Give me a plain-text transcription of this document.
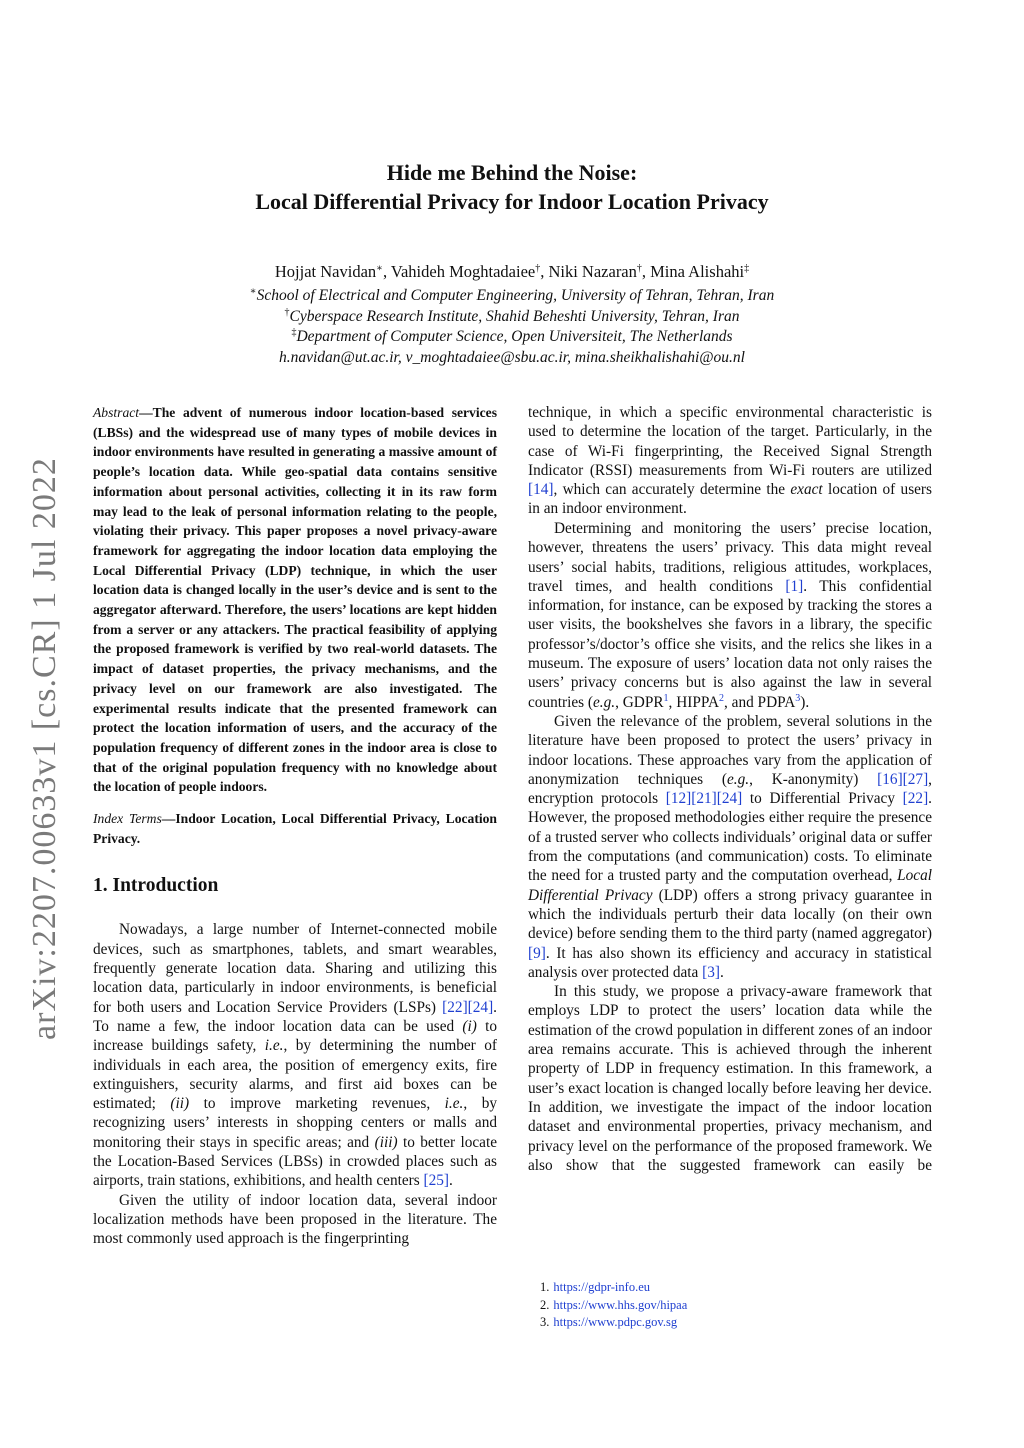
arXiv:2207.00633v1 [cs.CR] 1 Jul 2022
Hide me Behind the Noise:
Local Differential Privacy for Indoor Location Privacy
Hojjat Navidan∗, Vahideh Moghtadaiee†, Niki Nazaran†, Mina Alishahi‡
∗School of Electrical and Computer Engineering, University of Tehran, Tehran, Iran
†Cyberspace Research Institute, Shahid Beheshti University, Tehran, Iran
‡Department of Computer Science, Open Universiteit, The Netherlands
h.navidan@ut.ac.ir, v_moghtadaiee@sbu.ac.ir, mina.sheikhalishahi@ou.nl

Abstract—The advent of numerous indoor location-based services (LBSs) and the widespread use of many types of mobile devices in indoor environments have resulted in generating a massive amount of people’s location data. While geo-spatial data contains sensitive information about personal activities, collecting it in its raw form may lead to the leak of personal information relating to the people, violating their privacy. This paper proposes a novel privacy-aware framework for aggregating the indoor location data employing the Local Differential Privacy (LDP) technique, in which the user location data is changed locally in the user’s device and is sent to the aggregator afterward. Therefore, the users’ locations are kept hidden from a server or any attackers. The practical feasibility of applying the proposed framework is verified by two real-world datasets. The impact of dataset properties, the privacy mechanisms, and the privacy level on our framework are also investigated. The experimental results indicate that the presented framework can protect the location information of users, and the accuracy of the population frequency of different zones in the indoor area is close to that of the original population frequency with no knowledge about the location of people indoors.

Index Terms—Indoor Location, Local Differential Privacy, Location Privacy.

1. Introduction

Nowadays, a large number of Internet-connected mobile devices, such as smartphones, tablets, and smart wearables, frequently generate location data. Sharing and utilizing this location data, particularly in indoor environments, is beneficial for both users and Location Service Providers (LSPs) [22][24]. To name a few, the indoor location data can be used (i) to increase buildings safety, i.e., by determining the number of individuals in each area, the position of emergency exits, fire extinguishers, security alarms, and first aid boxes can be estimated; (ii) to improve marketing revenues, i.e., by recognizing users’ interests in shopping centers or malls and monitoring their stays in specific areas; and (iii) to better locate the Location-Based Services (LBSs) in crowded places such as airports, train stations, exhibitions, and health centers [25].

Given the utility of indoor location data, several indoor localization methods have been proposed in the literature. The most commonly used approach is the fingerprinting

technique, in which a specific environmental characteristic is used to determine the location of the target. Particularly, in the case of Wi-Fi fingerprinting, the Received Signal Strength Indicator (RSSI) measurements from Wi-Fi routers are utilized [14], which can accurately determine the exact location of users in an indoor environment.

Determining and monitoring the users’ precise location, however, threatens the users’ privacy. This data might reveal users’ social habits, traditions, religious attitudes, workplaces, travel times, and health conditions [1]. This confidential information, for instance, can be exposed by tracking the stores a user visits, the bookshelves she favors in a library, the specific professor’s/doctor’s office she visits, and the relics she likes in a museum. The exposure of users’ location data not only raises the users’ privacy concerns but is also against the law in several countries (e.g., GDPR$^1$, HIPPA$^2$, and PDPA$^3$).

Given the relevance of the problem, several solutions in the literature have been proposed to protect the users’ privacy in indoor locations. These approaches vary from the application of anonymization techniques (e.g., K-anonymity) [16][27], encryption protocols [12][21][24] to Differential Privacy [22]. However, the proposed methodologies either require the presence of a trusted server who collects individuals’ original data or suffer from the computations (and communication) costs. To eliminate the need for a trusted party and the computation overhead, Local Differential Privacy (LDP) offers a strong privacy guarantee in which the individuals perturb their data locally (on their own device) before sending them to the third party (named aggregator) [9]. It has also shown its efficiency and accuracy in statistical analysis over protected data [3].

In this study, we propose a privacy-aware framework that employs LDP to protect the users’ location data while the estimation of the crowd population in different zones of an indoor area remains accurate. This is achieved through the inherent property of LDP in frequency estimation. In this framework, a user’s exact location is changed locally before leaving her device. In addition, we investigate the impact of the indoor location dataset and environmental properties, privacy mechanism, and privacy level on the performance of the proposed framework. We also show that the suggested framework can easily be

1. https://gdpr-info.eu
2. https://www.hhs.gov/hipaa
3. https://www.pdpc.gov.sg
